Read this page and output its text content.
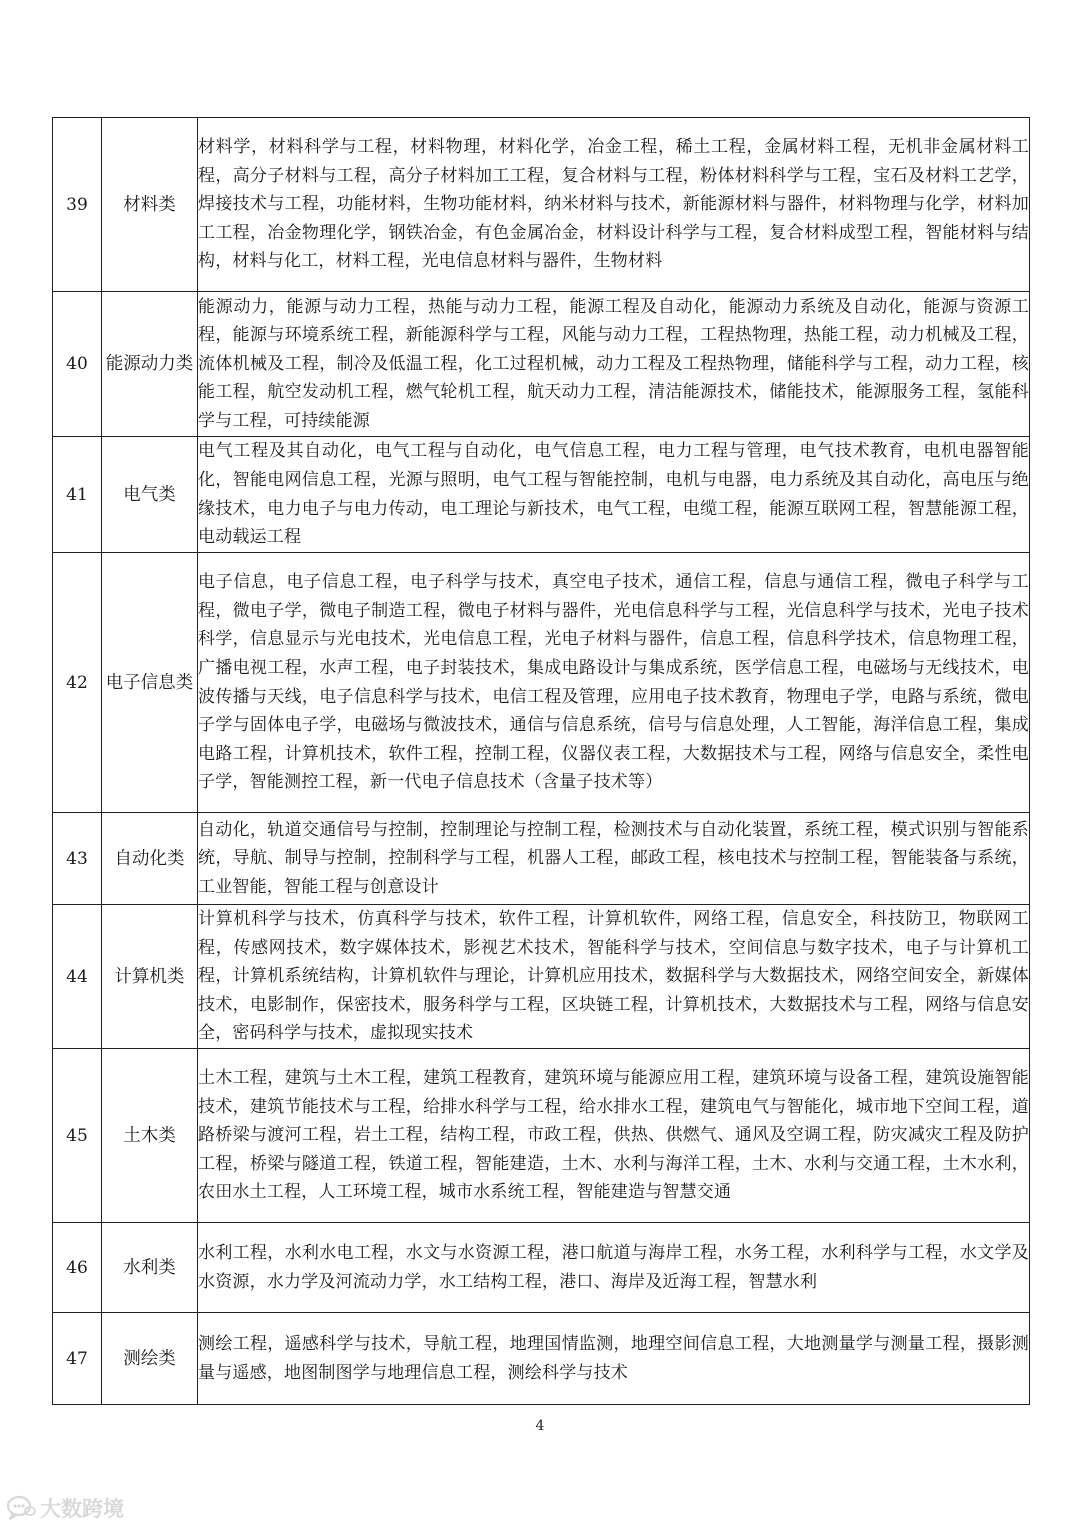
39	材料类	材料学，材料科学与工程，材料物理，材料化学，冶金工程，稀土工程，金属材料工程，无机非金属材料工程，高分子材料与工程，高分子材料加工工程，复合材料与工程，粉体材料科学与工程，宝石及材料工艺学，焊接技术与工程，功能材料，生物功能材料，纳米材料与技术，新能源材料与器件，材料物理与化学，材料加工工程，冶金物理化学，钢铁冶金，有色金属冶金，材料设计科学与工程，复合材料成型工程，智能材料与结构，材料与化工，材料工程，光电信息材料与器件，生物材料
40	能源动力类	能源动力，能源与动力工程，热能与动力工程，能源工程及自动化，能源动力系统及自动化，能源与资源工程，能源与环境系统工程，新能源科学与工程，风能与动力工程，工程热物理，热能工程，动力机械及工程，流体机械及工程，制冷及低温工程，化工过程机械，动力工程及工程热物理，储能科学与工程，动力工程，核能工程，航空发动机工程，燃气轮机工程，航天动力工程，清洁能源技术，储能技术，能源服务工程，氢能科学与工程，可持续能源
41	电气类	电气工程及其自动化，电气工程与自动化，电气信息工程，电力工程与管理，电气技术教育，电机电器智能化，智能电网信息工程，光源与照明，电气工程与智能控制，电机与电器，电力系统及其自动化，高电压与绝缘技术，电力电子与电力传动，电工理论与新技术，电气工程，电缆工程，能源互联网工程，智慧能源工程，电动载运工程
42	电子信息类	电子信息，电子信息工程，电子科学与技术，真空电子技术，通信工程，信息与通信工程，微电子科学与工程，微电子学，微电子制造工程，微电子材料与器件，光电信息科学与工程，光信息科学与技术，光电子技术科学，信息显示与光电技术，光电信息工程，光电子材料与器件，信息工程，信息科学技术，信息物理工程，广播电视工程，水声工程，电子封装技术，集成电路设计与集成系统，医学信息工程，电磁场与无线技术，电波传播与天线，电子信息科学与技术，电信工程及管理，应用电子技术教育，物理电子学，电路与系统，微电子学与固体电子学，电磁场与微波技术，通信与信息系统，信号与信息处理，人工智能，海洋信息工程，集成电路工程，计算机技术，软件工程，控制工程，仪器仪表工程，大数据技术与工程，网络与信息安全，柔性电子学，智能测控工程，新一代电子信息技术（含量子技术等）
43	自动化类	自动化，轨道交通信号与控制，控制理论与控制工程，检测技术与自动化装置，系统工程，模式识别与智能系统，导航、制导与控制，控制科学与工程，机器人工程，邮政工程，核电技术与控制工程，智能装备与系统，工业智能，智能工程与创意设计
44	计算机类	计算机科学与技术，仿真科学与技术，软件工程，计算机软件，网络工程，信息安全，科技防卫，物联网工程，传感网技术，数字媒体技术，影视艺术技术，智能科学与技术，空间信息与数字技术，电子与计算机工程，计算机系统结构，计算机软件与理论，计算机应用技术，数据科学与大数据技术，网络空间安全，新媒体技术，电影制作，保密技术，服务科学与工程，区块链工程，计算机技术，大数据技术与工程，网络与信息安全，密码科学与技术，虚拟现实技术
45	土木类	土木工程，建筑与土木工程，建筑工程教育，建筑环境与能源应用工程，建筑环境与设备工程，建筑设施智能技术，建筑节能技术与工程，给排水科学与工程，给水排水工程，建筑电气与智能化，城市地下空间工程，道路桥梁与渡河工程，岩土工程，结构工程，市政工程，供热、供燃气、通风及空调工程，防灾减灾工程及防护工程，桥梁与隧道工程，铁道工程，智能建造，土木、水利与海洋工程，土木、水利与交通工程，土木水利，农田水土工程，人工环境工程，城市水系统工程，智能建造与智慧交通
46	水利类	水利工程，水利水电工程，水文与水资源工程，港口航道与海岸工程，水务工程，水利科学与工程，水文学及水资源，水力学及河流动力学，水工结构工程，港口、海岸及近海工程，智慧水利
47	测绘类	测绘工程，遥感科学与技术，导航工程，地理国情监测，地理空间信息工程，大地测量学与测量工程，摄影测量与遥感，地图制图学与地理信息工程，测绘科学与技术
4
大数跨境
